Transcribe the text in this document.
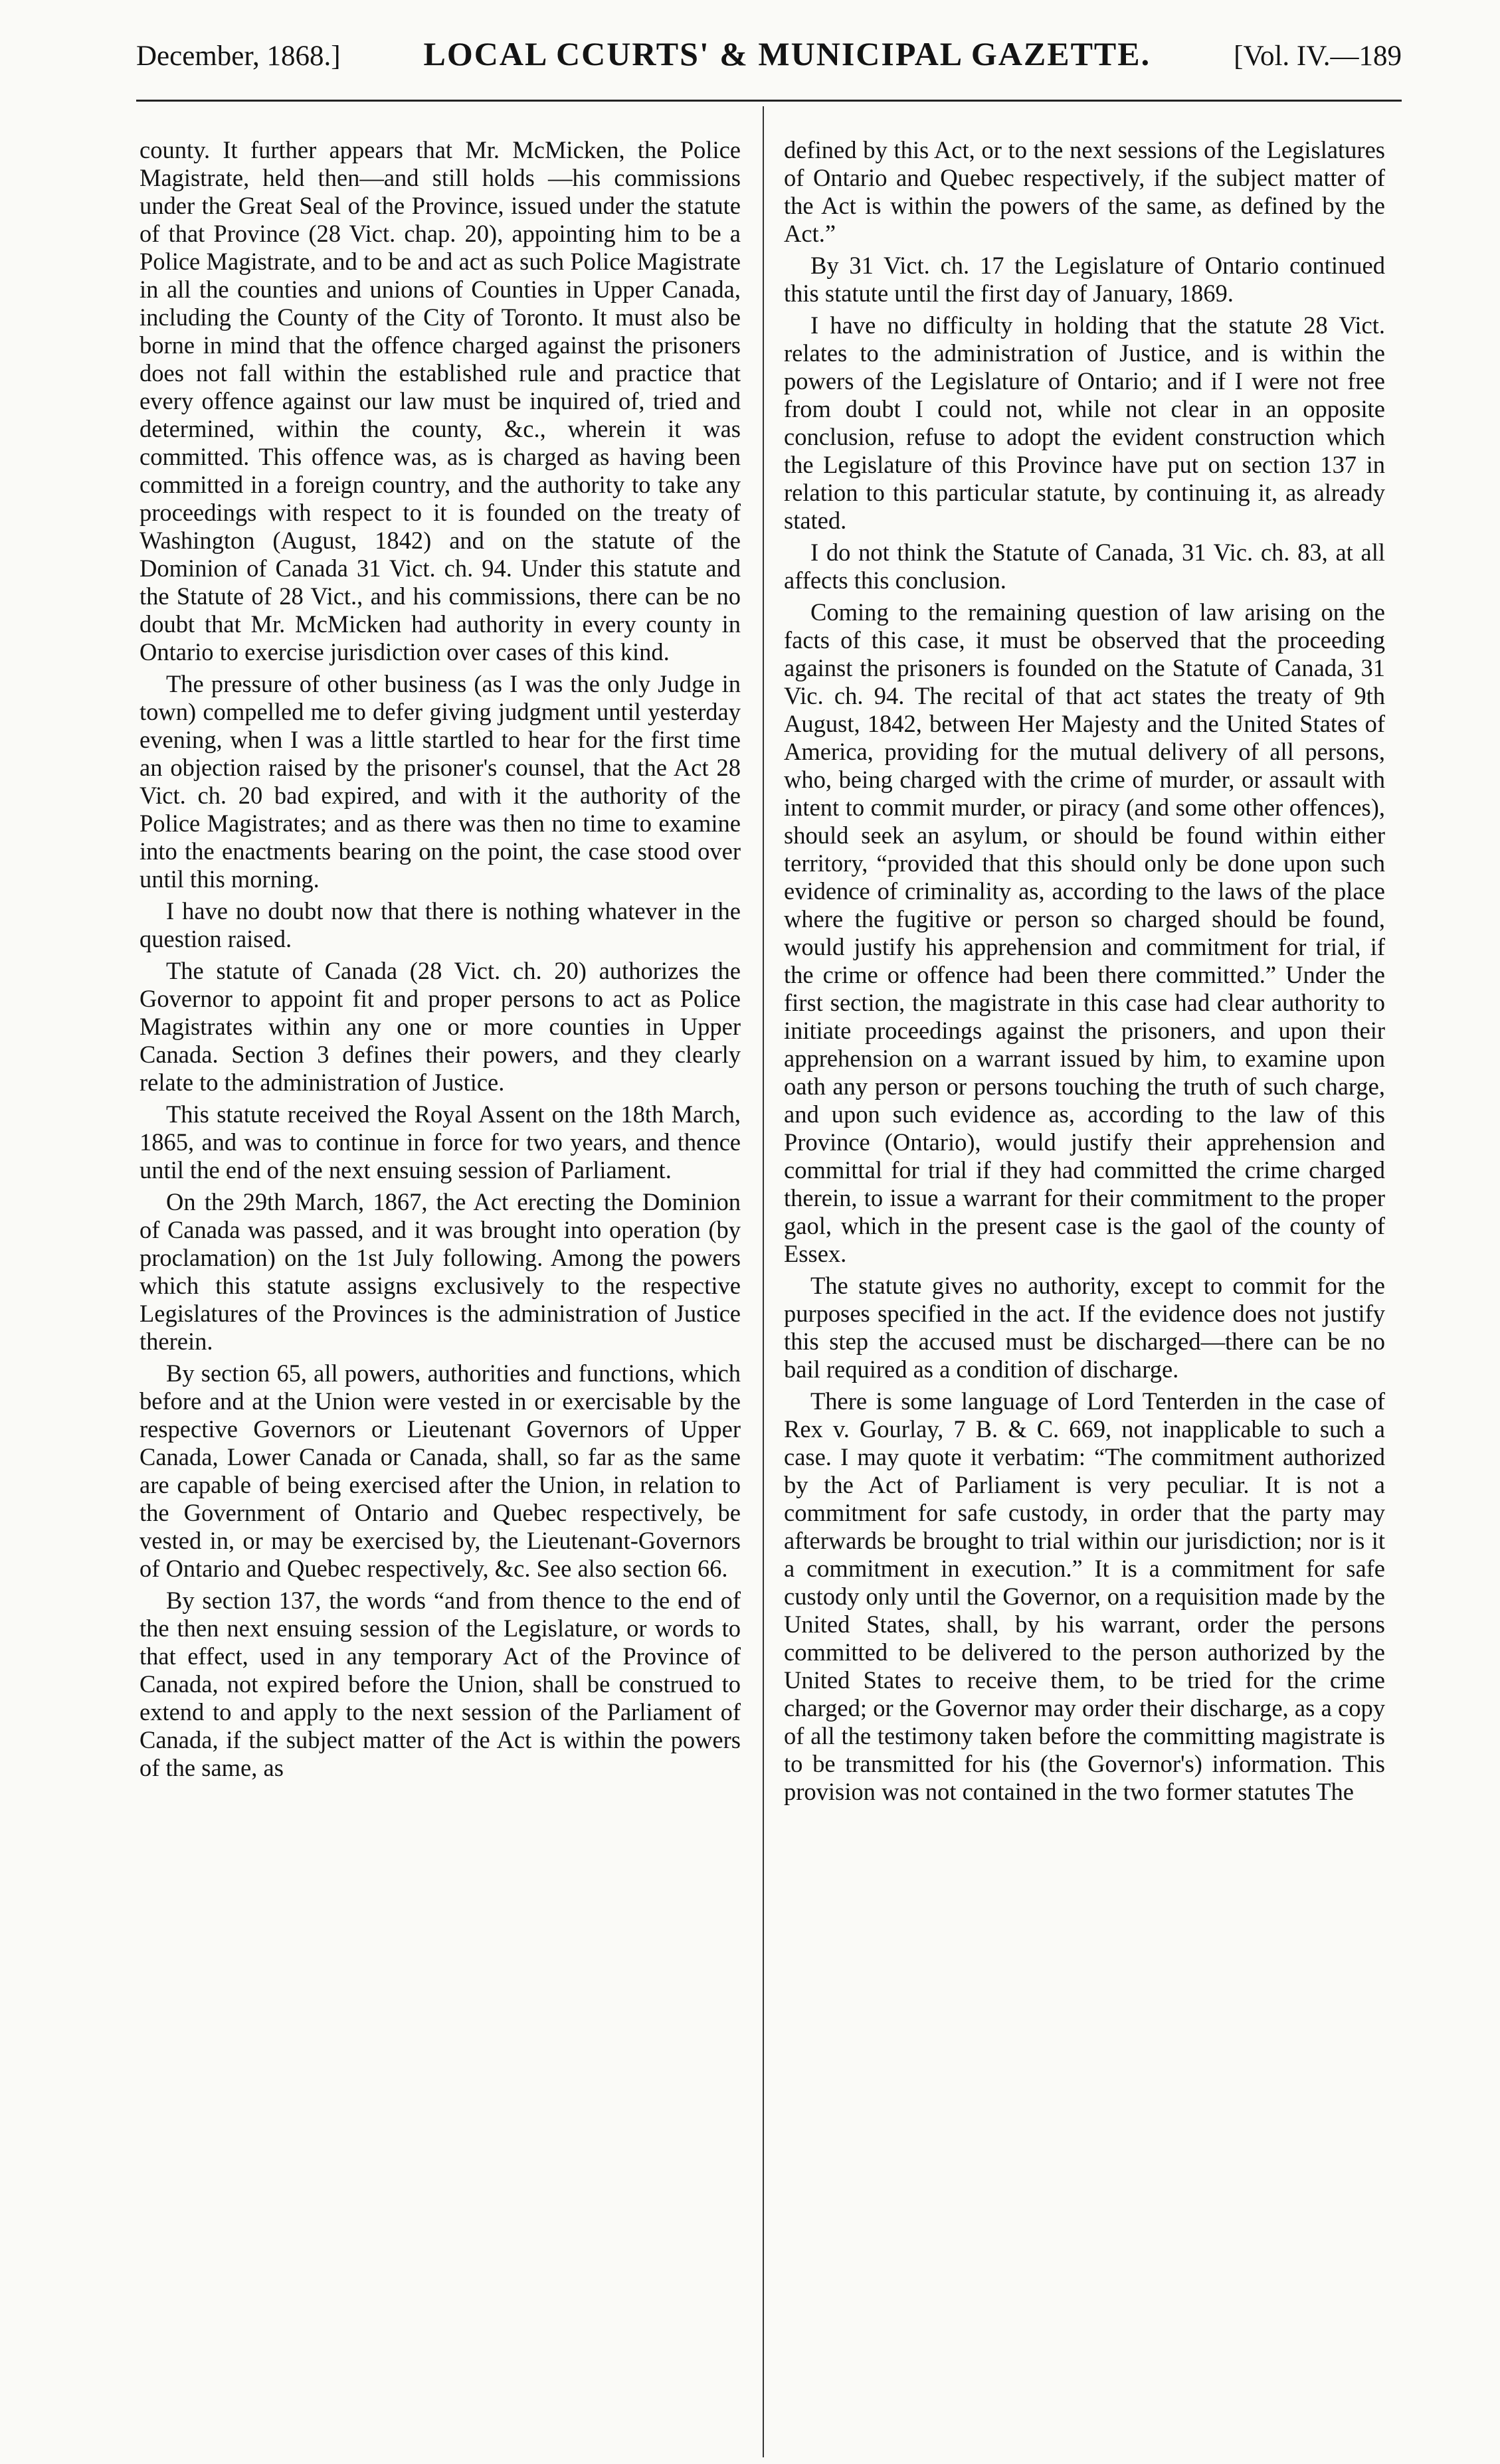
December, 1868.] LOCAL CCURTS' & MUNICIPAL GAZETTE.	[Vol. IV.—189

county. It further appears that Mr. McMicken, the Police Magistrate, held then—and still holds —his commissions under the Great Seal of the Province, issued under the statute of that Province (28 Vict. chap. 20), appointing him to be a Police Magistrate, and to be and act as such Police Magistrate in all the counties and unions of Counties in Upper Canada, including the County of the City of Toronto. It must also be borne in mind that the offence charged against the prisoners does not fall within the established rule and practice that every offence against our law must be inquired of, tried and determined, within the county, &c., wherein it was committed. This offence was, as is charged as having been committed in a foreign country, and the authority to take any proceedings with respect to it is founded on the treaty of Washington (August, 1842) and on the statute of the Dominion of Canada 31 Vict. ch. 94. Under this statute and the Statute of 28 Vict., and his commissions, there can be no doubt that Mr. McMicken had authority in every county in Ontario to exercise jurisdiction over cases of this kind.

The pressure of other business (as I was the only Judge in town) compelled me to defer giving judgment until yesterday evening, when I was a little startled to hear for the first time an objection raised by the prisoner's counsel, that the Act 28 Vict. ch. 20 bad expired, and with it the authority of the Police Magistrates; and as there was then no time to examine into the enactments bearing on the point, the case stood over until this morning.

I have no doubt now that there is nothing whatever in the question raised.

The statute of Canada (28 Vict. ch. 20) authorizes the Governor to appoint fit and proper persons to act as Police Magistrates within any one or more counties in Upper Canada. Section 3 defines their powers, and they clearly relate to the administration of Justice.

This statute received the Royal Assent on the 18th March, 1865, and was to continue in force for two years, and thence until the end of the next ensuing session of Parliament.

On the 29th March, 1867, the Act erecting the Dominion of Canada was passed, and it was brought into operation (by proclamation) on the 1st July following. Among the powers which this statute assigns exclusively to the respective Legislatures of the Provinces is the administration of Justice therein.

By section 65, all powers, authorities and functions, which before and at the Union were vested in or exercisable by the respective Governors or Lieutenant Governors of Upper Canada, Lower Canada or Canada, shall, so far as the same are capable of being exercised after the Union, in relation to the Government of Ontario and Quebec respectively, be vested in, or may be exercised by, the Lieutenant-Governors of Ontario and Quebec respectively, &c. See also section 66.

By section 137, the words “and from thence to the end of the then next ensuing session of the Legislature, or words to that effect, used in any temporary Act of the Province of Canada, not expired before the Union, shall be construed to extend to and apply to the next session of the Parliament of Canada, if the subject matter of the Act is within the powers of the same, as

defined by this Act, or to the next sessions of the Legislatures of Ontario and Quebec respectively, if the subject matter of the Act is within the powers of the same, as defined by the Act.”

By 31 Vict. ch. 17 the Legislature of Ontario continued this statute until the first day of January, 1869.

I have no difficulty in holding that the statute 28 Vict. relates to the administration of Justice, and is within the powers of the Legislature of Ontario; and if I were not free from doubt I could not, while not clear in an opposite conclusion, refuse to adopt the evident construction which the Legislature of this Province have put on section 137 in relation to this particular statute, by continuing it, as already stated.

I do not think the Statute of Canada, 31 Vic. ch. 83, at all affects this conclusion.

Coming to the remaining question of law arising on the facts of this case, it must be observed that the proceeding against the prisoners is founded on the Statute of Canada, 31 Vic. ch. 94. The recital of that act states the treaty of 9th August, 1842, between Her Majesty and the United States of America, providing for the mutual delivery of all persons, who, being charged with the crime of murder, or assault with intent to commit murder, or piracy (and some other offences), should seek an asylum, or should be found within either territory, “provided that this should only be done upon such evidence of criminality as, according to the laws of the place where the fugitive or person so charged should be found, would justify his apprehension and commitment for trial, if the crime or offence had been there committed.” Under the first section, the magistrate in this case had clear authority to initiate proceedings against the prisoners, and upon their apprehension on a warrant issued by him, to examine upon oath any person or persons touching the truth of such charge, and upon such evidence as, according to the law of this Province (Ontario), would justify their apprehension and committal for trial if they had committed the crime charged therein, to issue a warrant for their commitment to the proper gaol, which in the present case is the gaol of the county of Essex.

The statute gives no authority, except to commit for the purposes specified in the act. If the evidence does not justify this step the accused must be discharged—there can be no bail required as a condition of discharge.

There is some language of Lord Tenterden in the case of Rex v. Gourlay, 7 B. & C. 669, not inapplicable to such a case. I may quote it verbatim: “The commitment authorized by the Act of Parliament is very peculiar. It is not a commitment for safe custody, in order that the party may afterwards be brought to trial within our jurisdiction; nor is it a commitment in execution.” It is a commitment for safe custody only until the Governor, on a requisition made by the United States, shall, by his warrant, order the persons committed to be delivered to the person authorized by the United States to receive them, to be tried for the crime charged; or the Governor may order their discharge, as a copy of all the testimony taken before the committing magistrate is to be transmitted for his (the Governor's) information. This provision was not contained in the two former statutes The
